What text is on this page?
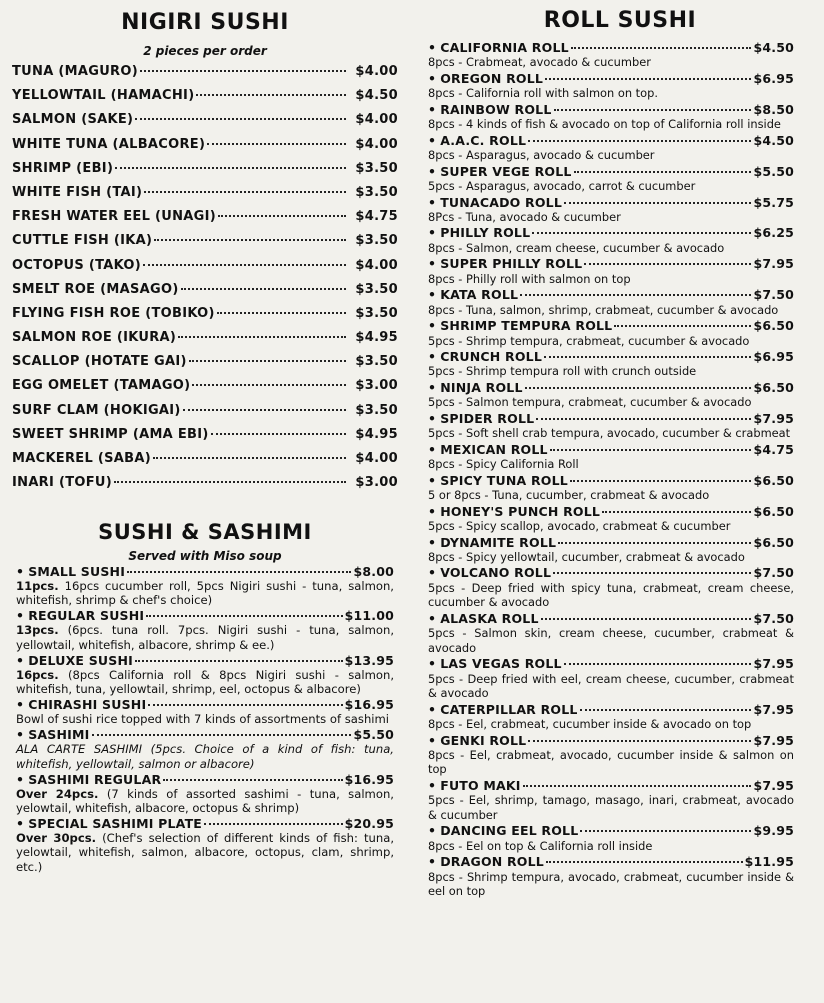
NIGIRI SUSHI
2 pieces per order
TUNA (MAGURO)	$4.00
YELLOWTAIL (HAMACHI)	$4.50
SALMON (SAKE)	$4.00
WHITE TUNA (ALBACORE)	$4.00
SHRIMP (EBI)	$3.50
WHITE FISH (TAI)	$3.50
FRESH WATER EEL (UNAGI)	$4.75
CUTTLE FISH (IKA)	$3.50
OCTOPUS (TAKO)	$4.00
SMELT ROE (MASAGO)	$3.50
FLYING FISH ROE (TOBIKO)	$3.50
SALMON ROE (IKURA)	$4.95
SCALLOP (HOTATE GAI)	$3.50
EGG OMELET (TAMAGO)	$3.00
SURF CLAM (HOKIGAI)	$3.50
SWEET SHRIMP (AMA EBI)	$4.95
MACKEREL (SABA)	$4.00
INARI (TOFU)	$3.00
SUSHI & SASHIMI
Served with Miso soup
• SMALL SUSHI	$8.00
11pcs. 16pcs cucumber roll, 5pcs Nigiri sushi - tuna, salmon, whitefish, shrimp & chef's choice)
• REGULAR SUSHI	$11.00
13pcs. (6pcs. tuna roll. 7pcs. Nigiri sushi - tuna, salmon, yellowtail, whitefish, albacore, shrimp & ee.)
• DELUXE SUSHI	$13.95
16pcs. (8pcs California roll & 8pcs Nigiri sushi - salmon, whitefish, tuna, yellowtail, shrimp, eel, octopus & albacore)
• CHIRASHI SUSHI	$16.95
Bowl of sushi rice topped with 7 kinds of assortments of sashimi
• SASHIMI	$5.50
ALA CARTE SASHIMI (5pcs. Choice of a kind of fish: tuna, whitefish, yellowtail, salmon or albacore)
• SASHIMI REGULAR	$16.95
Over 24pcs. (7 kinds of assorted sashimi - tuna, salmon, yelowtail, whitefish, albacore, octopus & shrimp)
• SPECIAL SASHIMI PLATE	$20.95
Over 30pcs. (Chef's selection of different kinds of fish: tuna, yelowtail, whitefish, salmon, albacore, octopus, clam, shrimp, etc.)
ROLL SUSHI
• CALIFORNIA ROLL	$4.50
8pcs - Crabmeat, avocado & cucumber
• OREGON ROLL	$6.95
8pcs - California roll with salmon on top.
• RAINBOW ROLL	$8.50
8pcs - 4 kinds of fish & avocado on top of California roll inside
• A.A.C. ROLL	$4.50
8pcs - Asparagus, avocado & cucumber
• SUPER VEGE ROLL	$5.50
5pcs - Asparagus, avocado, carrot & cucumber
• TUNACADO ROLL	$5.75
8Pcs - Tuna, avocado & cucumber
• PHILLY ROLL	$6.25
8pcs - Salmon, cream cheese, cucumber & avocado
• SUPER PHILLY ROLL	$7.95
8pcs - Philly roll with salmon on top
• KATA ROLL	$7.50
8pcs - Tuna, salmon, shrimp, crabmeat, cucumber & avocado
• SHRIMP TEMPURA ROLL	$6.50
5pcs - Shrimp tempura, crabmeat, cucumber & avocado
• CRUNCH ROLL	$6.95
5pcs - Shrimp tempura roll with crunch outside
• NINJA ROLL	$6.50
5pcs - Salmon tempura, crabmeat, cucumber & avocado
• SPIDER ROLL	$7.95
5pcs - Soft shell crab tempura, avocado, cucumber & crabmeat
• MEXICAN ROLL	$4.75
8pcs - Spicy California Roll
• SPICY TUNA ROLL	$6.50
5 or 8pcs - Tuna, cucumber, crabmeat & avocado
• HONEY'S PUNCH ROLL	$6.50
5pcs - Spicy scallop, avocado, crabmeat & cucumber
• DYNAMITE ROLL	$6.50
8pcs - Spicy yellowtail, cucumber, crabmeat & avocado
• VOLCANO ROLL	$7.50
5pcs - Deep fried with spicy tuna, crabmeat, cream cheese, cucumber & avocado
• ALASKA ROLL	$7.50
5pcs - Salmon skin, cream cheese, cucumber, crabmeat & avocado
• LAS VEGAS ROLL	$7.95
5pcs - Deep fried with eel, cream cheese, cucumber, crabmeat & avocado
• CATERPILLAR ROLL	$7.95
8pcs - Eel, crabmeat, cucumber inside & avocado on top
• GENKI ROLL	$7.95
8pcs - Eel, crabmeat, avocado, cucumber inside & salmon on top
• FUTO MAKI	$7.95
5pcs - Eel, shrimp, tamago, masago, inari, crabmeat, avocado & cucumber
• DANCING EEL ROLL	$9.95
8pcs - Eel on top & California roll inside
• DRAGON ROLL	$11.95
8pcs - Shrimp tempura, avocado, crabmeat, cucumber inside & eel on top
